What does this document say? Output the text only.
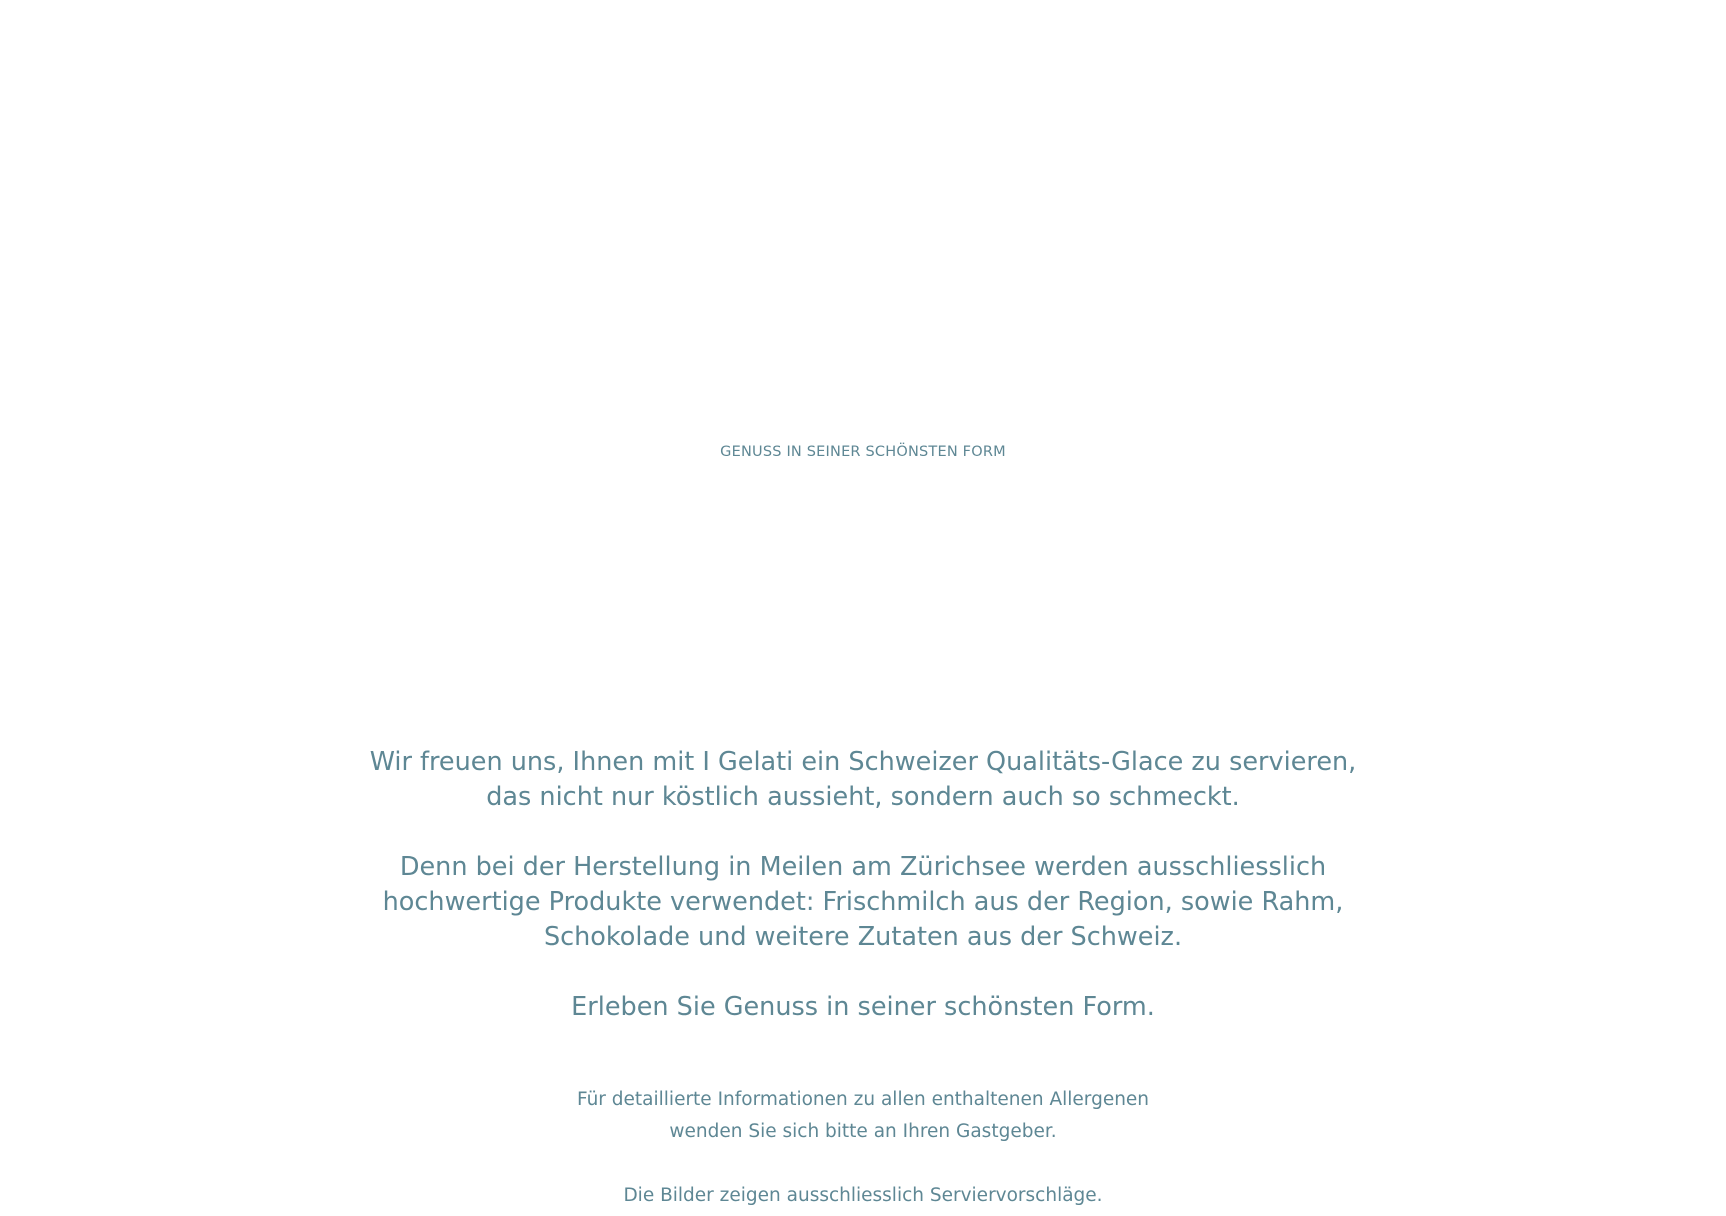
GENUSS IN SEINER SCHÖNSTEN FORM

Wir freuen uns, Ihnen mit I Gelati ein Schweizer Qualitäts-Glace zu servieren,
das nicht nur köstlich aussieht, sondern auch so schmeckt.

Denn bei der Herstellung in Meilen am Zürichsee werden ausschliesslich
hochwertige Produkte verwendet: Frischmilch aus der Region, sowie Rahm,
Schokolade und weitere Zutaten aus der Schweiz.

Erleben Sie Genuss in seiner schönsten Form.

Für detaillierte Informationen zu allen enthaltenen Allergenen
wenden Sie sich bitte an Ihren Gastgeber.

Die Bilder zeigen ausschliesslich Serviervorschläge.
